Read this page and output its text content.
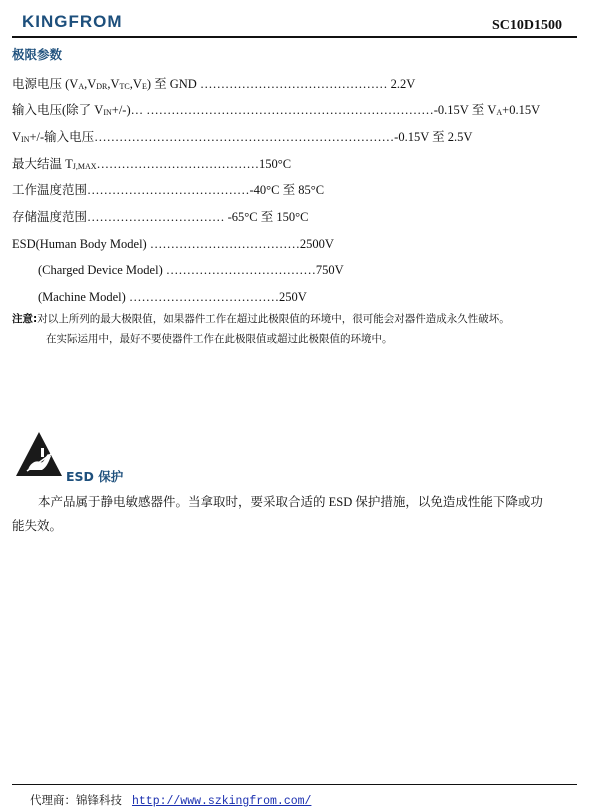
KINGFROM	SC10D1500
极限参数
电源电压 $(V_A,V_{DR},V_{TC},V_E)$ 至 GND ……………………………………… 2.2V
输入电压(除了 $V_{IN}+/-)\dots$ ……………………………………………………………-0.15V 至 $V_A+0.15V$
$V_{IN}+/-$输入电压………………………………………………………………-0.15V 至 2.5V
最大结温 $T_{J,MAX}\dots\dots\dots\dots\dots\dots\dots\dots\dots\dots\dots\dots\dots 150^\circ C$
工作温度范围…………………………………-40°C 至 85°C
存储温度范围…………………………… -65°C 至 150°C
ESD(Human Body Model) ………………………………2500V
(Charged Device Model) ………………………………750V
(Machine Model) ………………………………250V
注意:对以上所列的最大极限值，如果器件工作在超过此极限值的环境中，很可能会对器件造成永久性破坏。
在实际运用中，最好不要使器件工作在此极限值或超过此极限值的环境中。
ESD 保护
本产品属于静电敏感器件。当拿取时，要采取合适的 ESD 保护措施，以免造成性能下降或功
能失效。
代理商：锦锋科技 http://www.szkingfrom.com/
